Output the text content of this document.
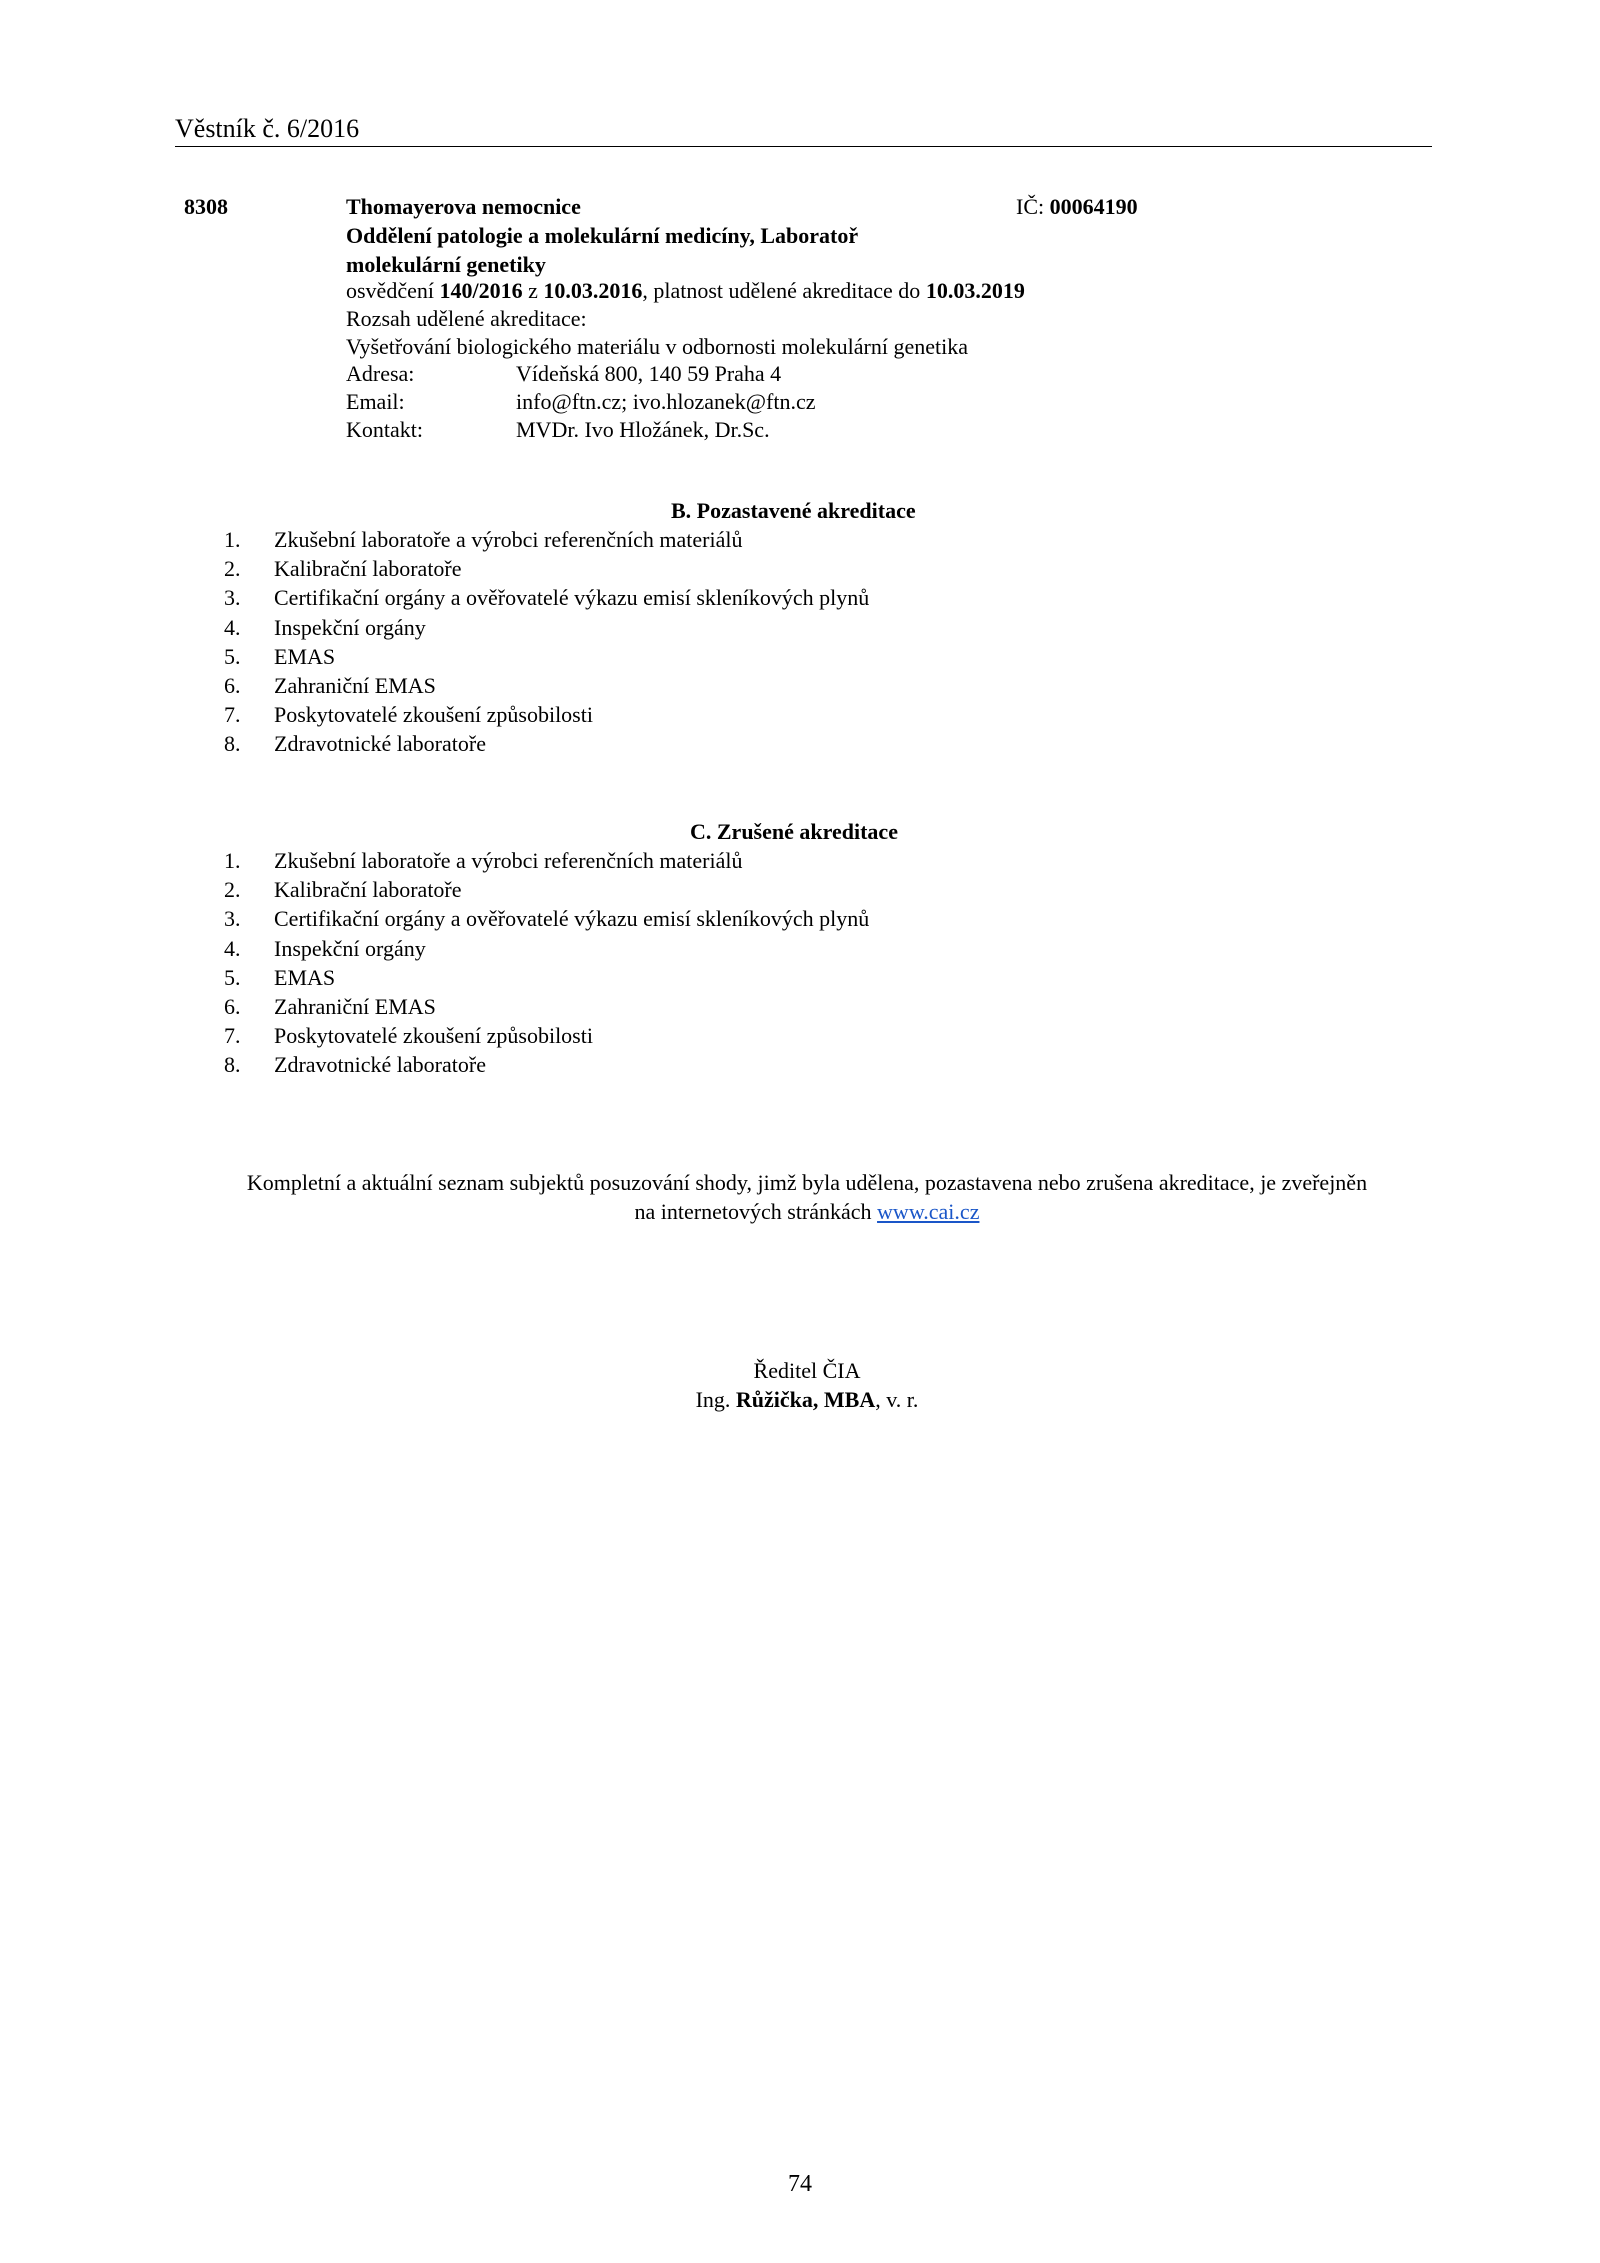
Věstník č. 6/2016
8308	Thomayerova nemocnice	IČ: 00064190
Oddělení patologie a molekulární medicíny, Laboratoř
molekulární genetiky
osvědčení 140/2016 z 10.03.2016, platnost udělené akreditace do 10.03.2019
Rozsah udělené akreditace:
Vyšetřování biologického materiálu v odbornosti molekulární genetika
Adresa:	Vídeňská 800, 140 59 Praha 4
Email:	info@ftn.cz; ivo.hlozanek@ftn.cz
Kontakt:	MVDr. Ivo Hložánek, Dr.Sc.
B. Pozastavené akreditace
1. Zkušební laboratoře a výrobci referenčních materiálů
2. Kalibrační laboratoře
3. Certifikační orgány a ověřovatelé výkazu emisí skleníkových plynů
4. Inspekční orgány
5. EMAS
6. Zahraniční EMAS
7. Poskytovatelé zkoušení způsobilosti
8. Zdravotnické laboratoře
C. Zrušené akreditace
1. Zkušební laboratoře a výrobci referenčních materiálů
2. Kalibrační laboratoře
3. Certifikační orgány a ověřovatelé výkazu emisí skleníkových plynů
4. Inspekční orgány
5. EMAS
6. Zahraniční EMAS
7. Poskytovatelé zkoušení způsobilosti
8. Zdravotnické laboratoře
Kompletní a aktuální seznam subjektů posuzování shody, jimž byla udělena, pozastavena nebo zrušena akreditace, je zveřejněn
na internetových stránkách www.cai.cz
Ředitel ČIA
Ing. Růžička, MBA, v. r.
74
